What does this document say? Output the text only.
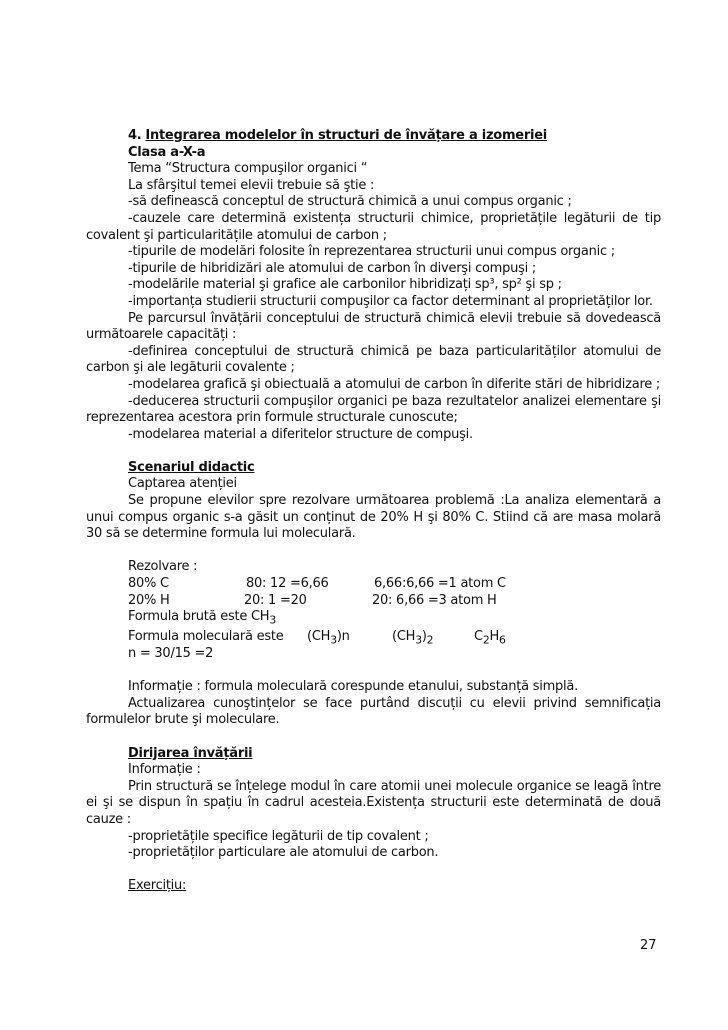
4. Integrarea modelelor în structuri de învățare a izomeriei

Clasa a-X-a

Tema “Structura compuşilor organici “

La sfârşitul temei elevii trebuie să ştie :

-să definească conceptul de structură chimică a unui compus organic ;

-cauzele care determină existența structurii chimice, proprietățile legăturii de tip covalent şi particularitățile atomului de carbon ;

-tipurile de modelări folosite în reprezentarea structurii unui compus organic ;

-tipurile de hibridizări ale atomului de carbon în diverşi compuşi ;

-modelările material şi grafice ale carbonilor hibridizați sp³, sp² şi sp ;

-importanța studierii structurii compuşilor ca factor determinant al proprietăților lor.

Pe parcursul învățării conceptului de structură chimică elevii trebuie să dovedească următoarele capacități :

-definirea conceptului de structură chimică pe baza particularităților atomului de carbon şi ale legăturii covalente ;

-modelarea grafică şi obiectuală a atomului de carbon în diferite stări de hibridizare ;

-deducerea structurii compuşilor organici pe baza rezultatelor analizei elementare şi reprezentarea acestora prin formule structurale cunoscute;

-modelarea material a diferitelor structure de compuşi.

Scenariul didactic

Captarea atenției

Se propune elevilor spre rezolvare următoarea problemă :La analiza elementară a unui compus organic s-a găsit un conținut de 20% H şi 80% C. Stiind că are masa molară 30 să se determine formula lui moleculară.

Rezolvare :

80% C	80: 12 =6,66	6,66:6,66 =1 atom C
20% H	20: 1 =20	20: 6,66 =3 atom H

Formula brută este $CH_3$

Formula moleculară este $(CH_3)n$	$(CH_3)_2$	$C_2H_6$

n = 30/15 =2

Informație : formula moleculară corespunde etanului, substanță simplă.

Actualizarea cunoştințelor se face purtând discuții cu elevii privind semnificația formulelor brute şi moleculare.

Dirijarea învățării

Informație :

Prin structură se înțelege modul în care atomii unei molecule organice se leagă între ei şi se dispun în spațiu în cadrul acesteia.Existența structurii este determinată de două cauze :

-proprietățile specifice legăturii de tip covalent ;

-proprietăților particulare ale atomului de carbon.

Exercițiu:

27
